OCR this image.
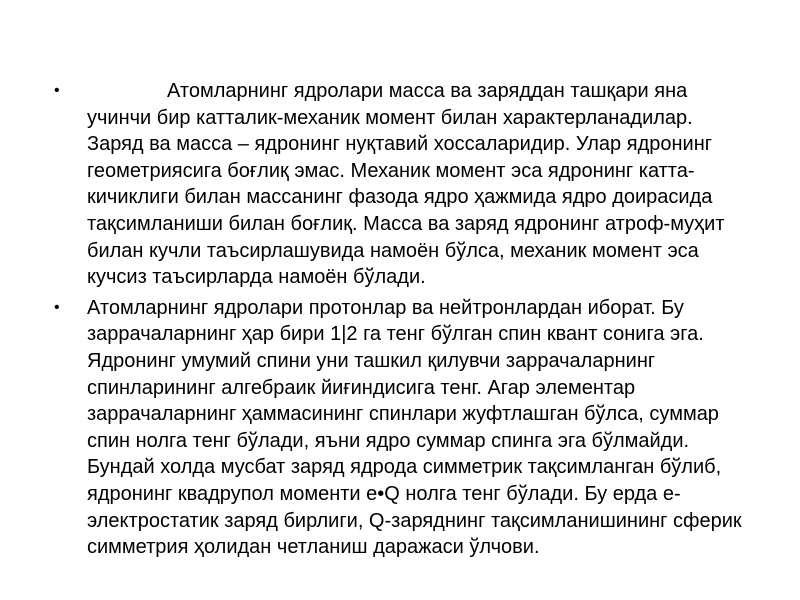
•	Атомларнинг ядролари масса ва заряддан ташқари яна учинчи бир катталик-механик момент билан характерланадилар. Заряд ва масса – ядронинг нуқтавий хоссаларидир. Улар ядронинг геометриясига боғлиқ эмас. Механик момент эса ядронинг катта-кичиклиги билан массанинг фазода ядро ҳажмида ядро доирасида тақсимланиши билан боғлиқ. Масса ва заряд ядронинг атроф-муҳит билан кучли таъсирлашувида намоён бўлса, механик момент эса кучсиз таъсирларда намоён бўлади.
• Атомларнинг ядролари протонлар ва нейтронлардан иборат. Бу заррачаларнинг ҳар бири 1|2 га тенг бўлган спин квант сонига эга. Ядронинг умумий спини уни ташкил қилувчи заррачаларнинг спинларининг алгебраик йиғиндисига тенг. Агар элементар заррачаларнинг ҳаммасининг спинлари жуфтлашган бўлса, суммар спин нолга тенг бўлади, яъни ядро суммар спинга эга бўлмайди. Бундай холда мусбат заряд ядрода симметрик тақсимланган бўлиб, ядронинг квадрупол моменти e•Q нолга тенг бўлади. Бу ерда е-электростатик заряд бирлиги, Q-заряднинг тақсимланишининг сферик симметрия ҳолидан четланиш даражаси ўлчови.
